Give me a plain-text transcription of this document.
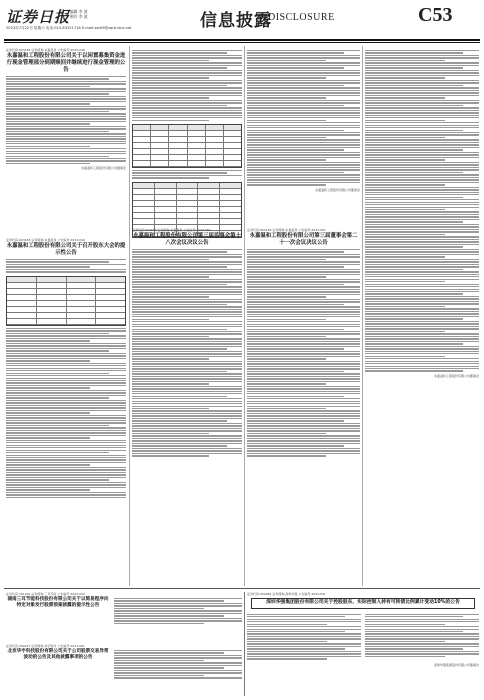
证券日报
2023年7月22日 星期六 电话:010-83251716 E-mail:zqrb9@zqrb.sina.net
编辑 李 波
制作 李 波	信息披露
DISCLOSURE	C53
证券代码:603183 证券简称:永嘉温和 公告编号:2023-048
永嘉温和工程股份有限公司关于以闲置募集资金进行现金管理部分到期赎回并继续进行现金管理的公告
永嘉温和工程股份有限公司董事会
证券代码:603183 证券简称:永嘉温和 公告编号:2023-049
永嘉温和工程股份有限公司关于召开股东大会的提示性公告
证券代码:603183 证券简称:永嘉温和 公告编号:2023-050
永嘉温和工程股份有限公司第三届监事会第十八次会议决议公告
永嘉温和工程股份有限公司董事会
证券代码:603183 证券简称:永嘉温和 公告编号:2023-051
永嘉温和工程股份有限公司第三届董事会第二十一次会议决议公告
永嘉温和工程股份有限公司董事会
证券代码:301202 证券简称:三耳节能 公告编号:2023-032
湖南三耳节能科技股份有限公司关于以简易程序向特定对象发行股票预案披露的提示性公告
证券代码:300271 证券简称:华宇软件 公告编号:2023-061
北京华宇科技股份有限公司关于公司股票交易异常波动的公告及其他披露事项的公告
证券代码:000062 证券简称:深圳华强 公告编号:2023-041
深圳华强集团股份有限公司关于控股股东、实际控制人持有可转债比例累计变动10%的公告
深圳华强集团股份有限公司董事会
